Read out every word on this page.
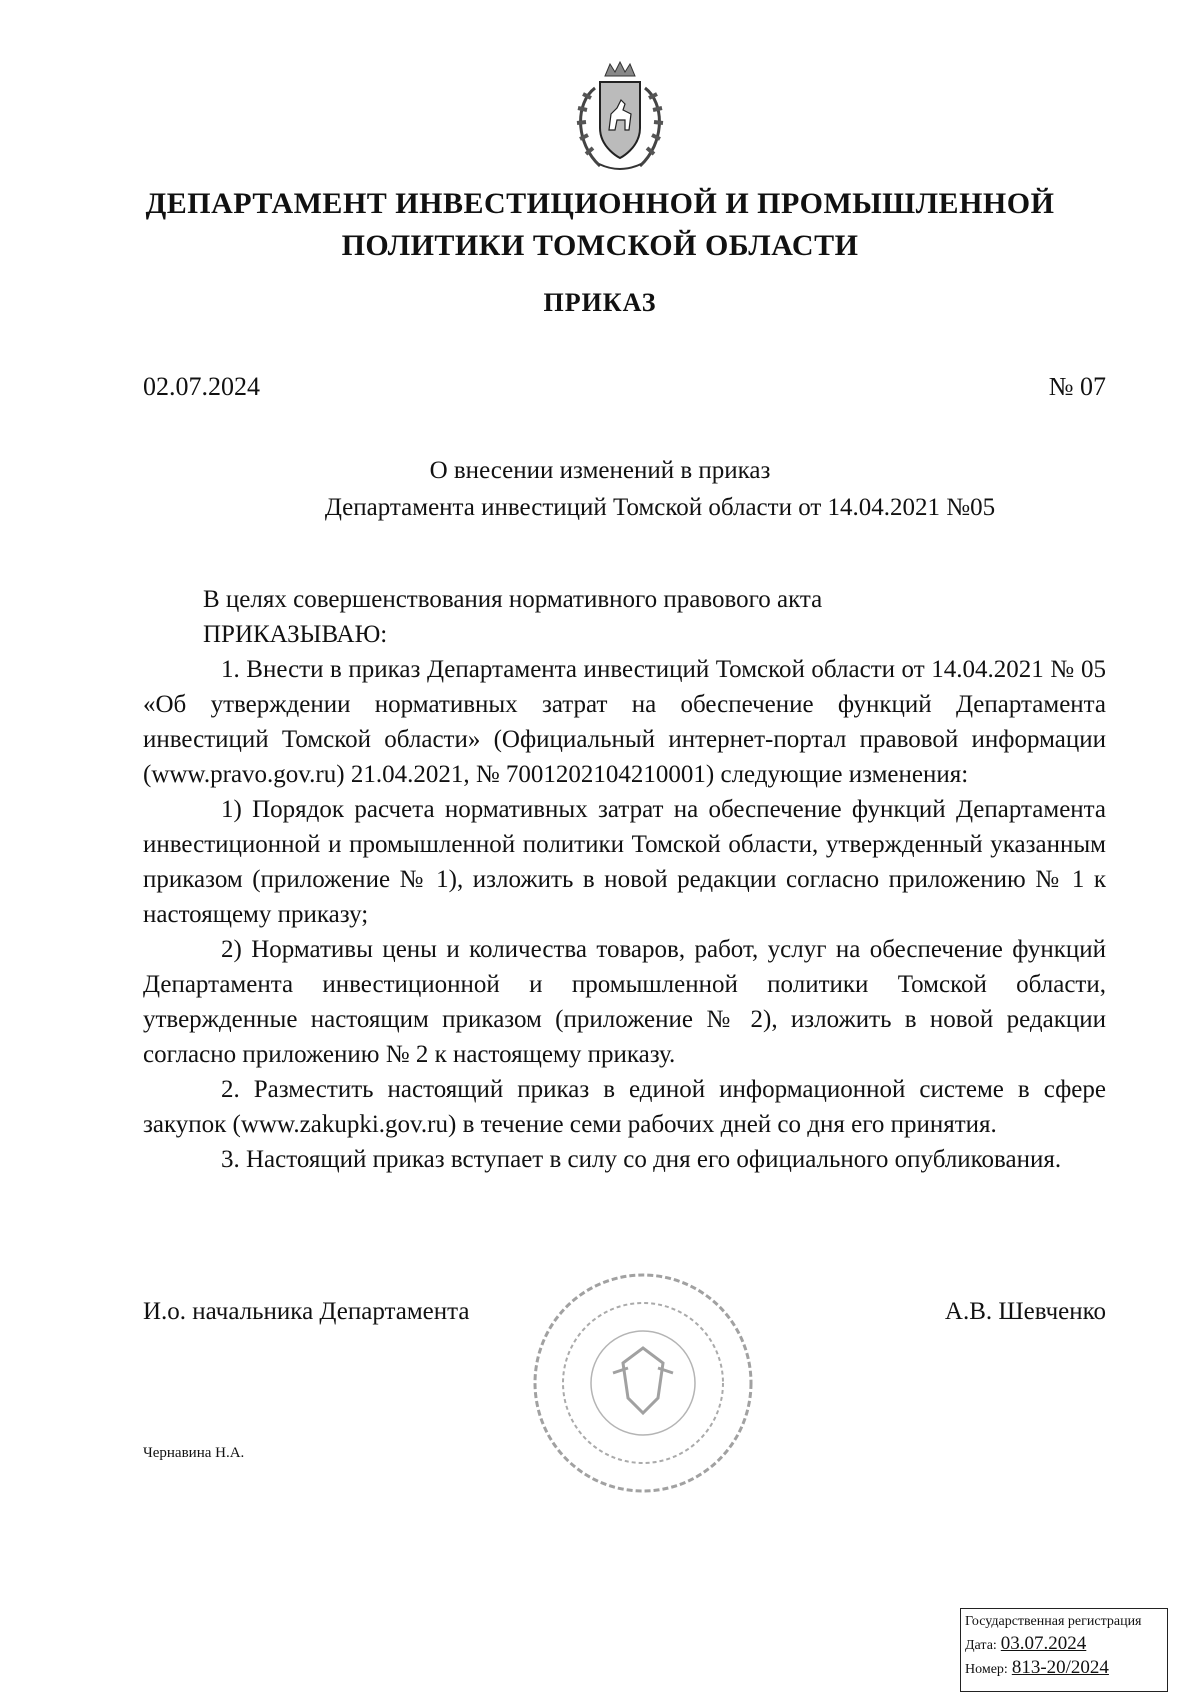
ДЕПАРТАМЕНТ ИНВЕСТИЦИОННОЙ И ПРОМЫШЛЕННОЙ
ПОЛИТИКИ ТОМСКОЙ ОБЛАСТИ
ПРИКАЗ
02.07.2024	№ 07
О внесении изменений в приказ
Департамента инвестиций Томской области от 14.04.2021 №05

В целях совершенствования нормативного правового акта

ПРИКАЗЫВАЮ:

1. Внести в приказ Департамента инвестиций Томской области от 14.04.2021 № 05 «Об утверждении нормативных затрат на обеспечение функций Департамента инвестиций Томской области» (Официальный интернет-портал правовой информации (www.pravo.gov.ru) 21.04.2021, № 7001202104210001) следующие изменения:

1) Порядок расчета нормативных затрат на обеспечение функций Департамента инвестиционной и промышленной политики Томской области, утвержденный указанным приказом (приложение № 1), изложить в новой редакции согласно приложению № 1 к настоящему приказу;

2) Нормативы цены и количества товаров, работ, услуг на обеспечение функций Департамента инвестиционной и промышленной политики Томской области, утвержденные настоящим приказом (приложение № 2), изложить в новой редакции согласно приложению № 2 к настоящему приказу.

2. Разместить настоящий приказ в единой информационной системе в сфере закупок (www.zakupki.gov.ru) в течение семи рабочих дней со дня его принятия.

3. Настоящий приказ вступает в силу со дня его официального опубликования.

И.о. начальника Департамента	А.В. Шевченко
Чернавина Н.А.
Государственная регистрация
Дата: 03.07.2024
Номер: 813-20/2024
